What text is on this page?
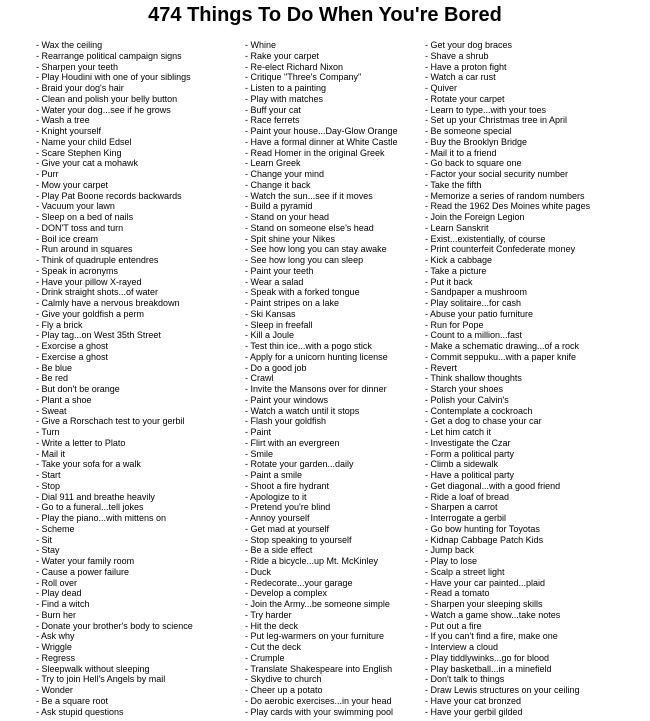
474 Things To Do When You're Bored
- Wax the ceiling
- Rearrange political campaign signs
- Sharpen your teeth
- Play Houdini with one of your siblings
- Braid your dog's hair
- Clean and polish your belly button
- Water your dog...see if he grows
- Wash a tree
- Knight yourself
- Name your child Edsel
- Scare Stephen King
- Give your cat a mohawk
- Purr
- Mow your carpet
- Play Pat Boone records backwards
- Vacuum your lawn
- Sleep on a bed of nails
- DON'T toss and turn
- Boil ice cream
- Run around in squares
- Think of quadruple entendres
- Speak in acronyms
- Have your pillow X-rayed
- Drink straight shots...of water
- Calmly have a nervous breakdown
- Give your goldfish a perm
- Fly a brick
- Play tag...on West 35th Street
- Exorcise a ghost
- Exercise a ghost
- Be blue
- Be red
- But don't be orange
- Plant a shoe
- Sweat
- Give a Rorschach test to your gerbil
- Turn
- Write a letter to Plato
- Mail it
- Take your sofa for a walk
- Start
- Stop
- Dial 911 and breathe heavily
- Go to a funeral...tell jokes
- Play the piano...with mittens on
- Scheme
- Sit
- Stay
- Water your family room
- Cause a power failure
- Roll over
- Play dead
- Find a witch
- Burn her
- Donate your brother's body to science
- Ask why
- Wriggle
- Regress
- Sleepwalk without sleeping
- Try to join Hell's Angels by mail
- Wonder
- Be a square root
- Ask stupid questions
- Whine
- Rake your carpet
- Re-elect Richard Nixon
- Critique "Three's Company"
- Listen to a painting
- Play with matches
- Buff your cat
- Race ferrets
- Paint your house...Day-Glow Orange
- Have a formal dinner at White Castle
- Read Homer in the original Greek
- Learn Greek
- Change your mind
- Change it back
- Watch the sun...see if it moves
- Build a pyramid
- Stand on your head
- Stand on someone else's head
- Spit shine your Nikes
- See how long you can stay awake
- See how long you can sleep
- Paint your teeth
- Wear a salad
- Speak with a forked tongue
- Paint stripes on a lake
- Ski Kansas
- Sleep in freefall
- Kill a Joule
- Test thin ice...with a pogo stick
- Apply for a unicorn hunting license
- Do a good job
- Crawl
- Invite the Mansons over for dinner
- Paint your windows
- Watch a watch until it stops
- Flash your goldfish
- Paint
- Flirt with an evergreen
- Smile
- Rotate your garden...daily
- Paint a smile
- Shoot a fire hydrant
- Apologize to it
- Pretend you're blind
- Annoy yourself
- Get mad at yourself
- Stop speaking to yourself
- Be a side effect
- Ride a bicycle...up Mt. McKinley
- Duck
- Redecorate...your garage
- Develop a complex
- Join the Army...be someone simple
- Try harder
- Hit the deck
- Put leg-warmers on your furniture
- Cut the deck
- Crumple
- Translate Shakespeare into English
- Skydive to church
- Cheer up a potato
- Do aerobic exercises...in your head
- Play cards with your swimming pool
- Get your dog braces
- Shave a shrub
- Have a proton fight
- Watch a car rust
- Quiver
- Rotate your carpet
- Learn to type...with your toes
- Set up your Christmas tree in April
- Be someone special
- Buy the Brooklyn Bridge
- Mail it to a friend
- Go back to square one
- Factor your social security number
- Take the fifth
- Memorize a series of random numbers
- Read the 1962 Des Moines white pages
- Join the Foreign Legion
- Learn Sanskrit
- Exist...existentially, of course
- Print counterfeit Confederate money
- Kick a cabbage
- Take a picture
- Put it back
- Sandpaper a mushroom
- Play solitaire...for cash
- Abuse your patio furniture
- Run for Pope
- Count to a million...fast
- Make a schematic drawing...of a rock
- Commit seppuku...with a paper knife
- Revert
- Think shallow thoughts
- Starch your shoes
- Polish your Calvin's
- Contemplate a cockroach
- Get a dog to chase your car
- Let him catch it
- Investigate the Czar
- Form a political party
- Climb a sidewalk
- Have a political party
- Get diagonal...with a good friend
- Ride a loaf of bread
- Sharpen a carrot
- Interrogate a gerbil
- Go bow hunting for Toyotas
- Kidnap Cabbage Patch Kids
- Jump back
- Play to lose
- Scalp a street light
- Have your car painted...plaid
- Read a tomato
- Sharpen your sleeping skills
- Watch a game show...take notes
- Put out a fire
- If you can't find a fire, make one
- Interview a cloud
- Play tiddlywinks...go for blood
- Play basketball...in a minefield
- Don't talk to things
- Draw Lewis structures on your ceiling
- Have your cat bronzed
- Have your gerbil gilded
